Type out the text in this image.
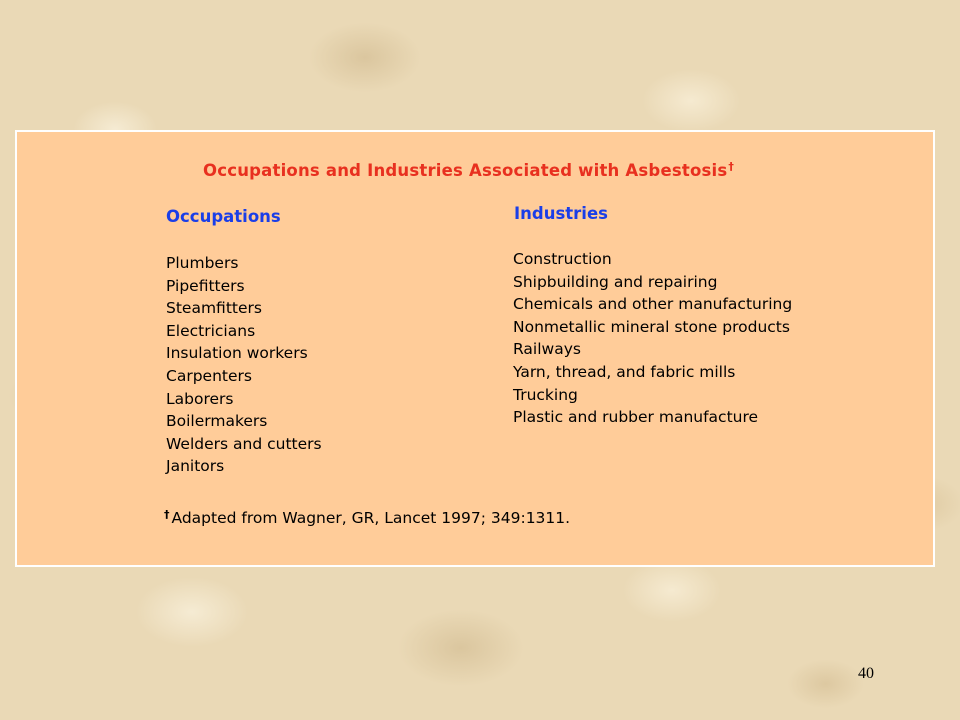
Occupations and Industries Associated with Asbestosis†
Occupations
Plumbers
Pipefitters
Steamfitters
Electricians
Insulation workers
Carpenters
Laborers
Boilermakers
Welders and cutters
Janitors
Industries
Construction
Shipbuilding and repairing
Chemicals and other manufacturing
Nonmetallic mineral stone products
Railways
Yarn, thread, and fabric mills
Trucking
Plastic and rubber manufacture

† Adapted from Wagner, GR, Lancet 1997; 349:1311.

40
